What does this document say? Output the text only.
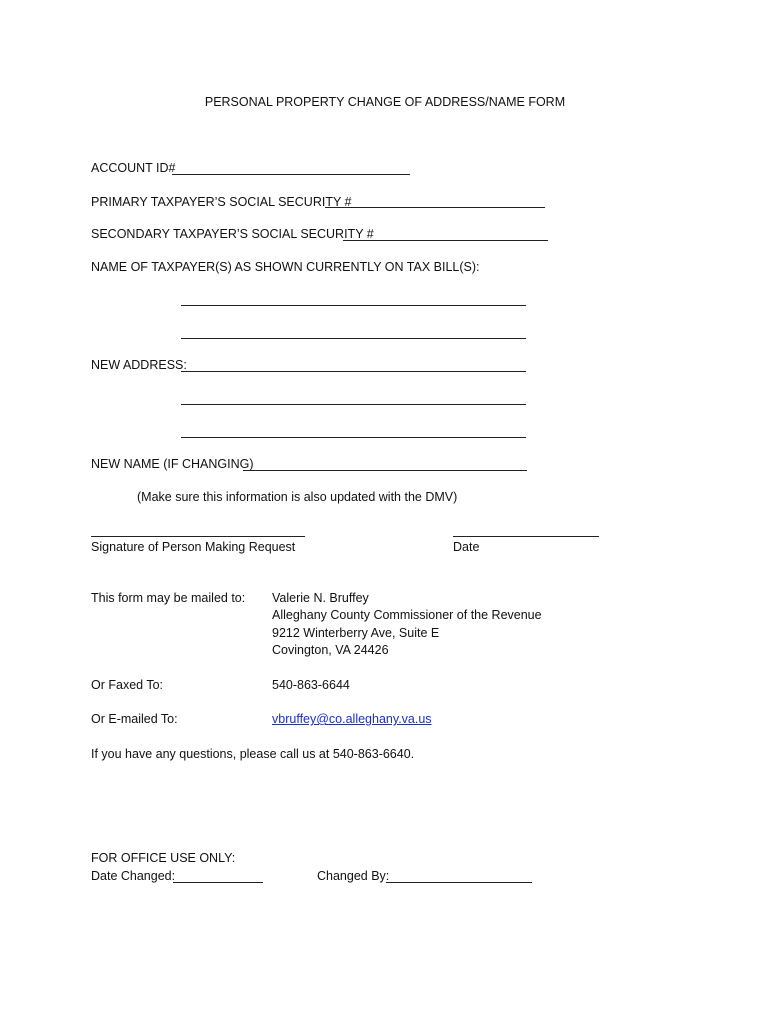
PERSONAL PROPERTY CHANGE OF ADDRESS/NAME FORM
ACCOUNT ID#
PRIMARY TAXPAYER’S SOCIAL SECURITY #
SECONDARY TAXPAYER’S SOCIAL SECURITY #
NAME OF TAXPAYER(S) AS SHOWN CURRENTLY ON TAX BILL(S):
NEW ADDRESS:
NEW NAME (IF CHANGING)
(Make sure this information is also updated with the DMV)
Signature of Person Making Request	Date
This form may be mailed to: Valerie N. Bruffey
Alleghany County Commissioner of the Revenue
9212 Winterberry Ave, Suite E
Covington, VA 24426
Or Faxed To:	540-863-6644
Or E-mailed To:	vbruffey@co.alleghany.va.us
If you have any questions, please call us at 540-863-6640.
FOR OFFICE USE ONLY:
Date Changed:	Changed By:
